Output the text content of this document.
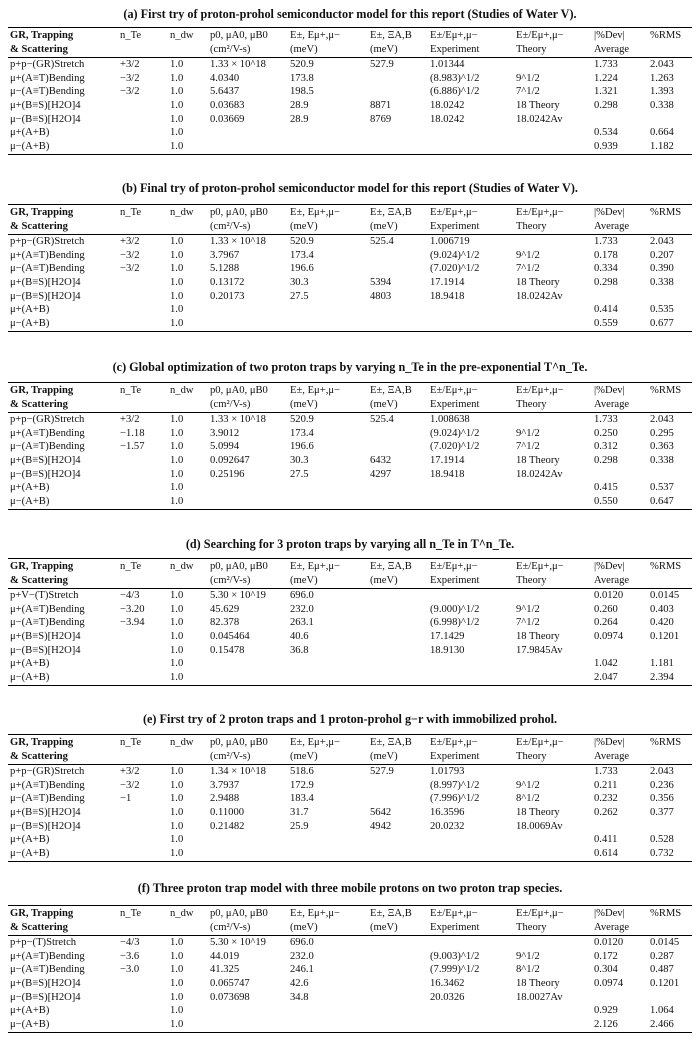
(a) First try of proton-prohol semiconductor model for this report (Studies of Water V).
GR, Trapping	n_Te	n_dw	p0, μA0, μB0	E±, Eμ+,μ−	E±, ΞA,B	E±/Eμ+,μ−	E±/Eμ+,μ−	|%Dev|	%RMS
& Scattering			(cm²/V-s)	(meV)	(meV)	Experiment	Theory	Average	
p+p−(GR)Stretch	+3/2	1.0	1.33 × 10^18	520.9	527.9	1.01344		1.733	2.043
μ+(A≡T)Bending	−3/2	1.0	4.0340	173.8		(8.983)^1/2	9^1/2	1.224	1.263
μ−(A≡T)Bending	−3/2	1.0	5.6437	198.5		(6.886)^1/2	7^1/2	1.321	1.393
μ+(B≡S)[H2O]4		1.0	0.03683	28.9	8871	18.0242	18 Theory	0.298	0.338
μ−(B≡S)[H2O]4		1.0	0.03669	28.9	8769	18.0242	18.0242Av		
μ+(A+B)		1.0						0.534	0.664
μ−(A+B)		1.0						0.939	1.182
(b) Final try of proton-prohol semiconductor model for this report (Studies of Water V).
GR, Trapping	n_Te	n_dw	p0, μA0, μB0	E±, Eμ+,μ−	E±, ΞA,B	E±/Eμ+,μ−	E±/Eμ+,μ−	|%Dev|	%RMS
& Scattering			(cm²/V-s)	(meV)	(meV)	Experiment	Theory	Average	
p+p−(GR)Stretch	+3/2	1.0	1.33 × 10^18	520.9	525.4	1.006719		1.733	2.043
μ+(A≡T)Bending	−3/2	1.0	3.7967	173.4		(9.024)^1/2	9^1/2	0.178	0.207
μ−(A≡T)Bending	−3/2	1.0	5.1288	196.6		(7.020)^1/2	7^1/2	0.334	0.390
μ+(B≡S)[H2O]4		1.0	0.13172	30.3	5394	17.1914	18 Theory	0.298	0.338
μ−(B≡S)[H2O]4		1.0	0.20173	27.5	4803	18.9418	18.0242Av		
μ+(A+B)		1.0						0.414	0.535
μ−(A+B)		1.0						0.559	0.677
(c) Global optimization of two proton traps by varying n_Te in the pre-exponential T^n_Te.
GR, Trapping	n_Te	n_dw	p0, μA0, μB0	E±, Eμ+,μ−	E±, ΞA,B	E±/Eμ+,μ−	E±/Eμ+,μ−	|%Dev|	%RMS
& Scattering			(cm²/V-s)	(meV)	(meV)	Experiment	Theory	Average	
p+p−(GR)Stretch	+3/2	1.0	1.33 × 10^18	520.9	525.4	1.008638		1.733	2.043
μ+(A≡T)Bending	−1.18	1.0	3.9012	173.4		(9.024)^1/2	9^1/2	0.250	0.295
μ−(A≡T)Bending	−1.57	1.0	5.0994	196.6		(7.020)^1/2	7^1/2	0.312	0.363
μ+(B≡S)[H2O]4		1.0	0.092647	30.3	6432	17.1914	18 Theory	0.298	0.338
μ−(B≡S)[H2O]4		1.0	0.25196	27.5	4297	18.9418	18.0242Av		
μ+(A+B)		1.0						0.415	0.537
μ−(A+B)		1.0						0.550	0.647
(d) Searching for 3 proton traps by varying all n_Te in T^n_Te.
GR, Trapping	n_Te	n_dw	p0, μA0, μB0	E±, Eμ+,μ−	E±, ΞA,B	E±/Eμ+,μ−	E±/Eμ+,μ−	|%Dev|	%RMS
& Scattering			(cm²/V-s)	(meV)	(meV)	Experiment	Theory	Average	
p+V−(T)Stretch	−4/3	1.0	5.30 × 10^19	696.0				0.0120	0.0145
μ+(A≡T)Bending	−3.20	1.0	45.629	232.0		(9.000)^1/2	9^1/2	0.260	0.403
μ−(A≡T)Bending	−3.94	1.0	82.378	263.1		(6.998)^1/2	7^1/2	0.264	0.420
μ+(B≡S)[H2O]4		1.0	0.045464	40.6		17.1429	18 Theory	0.0974	0.1201
μ−(B≡S)[H2O]4		1.0	0.15478	36.8		18.9130	17.9845Av		
μ+(A+B)		1.0						1.042	1.181
μ−(A+B)		1.0						2.047	2.394
(e) First try of 2 proton traps and 1 proton-prohol g−r with immobilized prohol.
GR, Trapping	n_Te	n_dw	p0, μA0, μB0	E±, Eμ+,μ−	E±, ΞA,B	E±/Eμ+,μ−	E±/Eμ+,μ−	|%Dev|	%RMS
& Scattering			(cm²/V-s)	(meV)	(meV)	Experiment	Theory	Average	
p+p−(GR)Stretch	+3/2	1.0	1.34 × 10^18	518.6	527.9	1.01793		1.733	2.043
μ+(A≡T)Bending	−3/2	1.0	3.7937	172.9		(8.997)^1/2	9^1/2	0.211	0.236
μ−(A≡T)Bending	−1	1.0	2.9488	183.4		(7.996)^1/2	8^1/2	0.232	0.356
μ+(B≡S)[H2O]4		1.0	0.11000	31.7	5642	16.3596	18 Theory	0.262	0.377
μ−(B≡S)[H2O]4		1.0	0.21482	25.9	4942	20.0232	18.0069Av		
μ+(A+B)		1.0						0.411	0.528
μ−(A+B)		1.0						0.614	0.732
(f) Three proton trap model with three mobile protons on two proton trap species.
GR, Trapping	n_Te	n_dw	p0, μA0, μB0	E±, Eμ+,μ−	E±, ΞA,B	E±/Eμ+,μ−	E±/Eμ+,μ−	|%Dev|	%RMS
& Scattering			(cm²/V-s)	(meV)	(meV)	Experiment	Theory	Average	
p+p−(T)Stretch	−4/3	1.0	5.30 × 10^19	696.0				0.0120	0.0145
μ+(A≡T)Bending	−3.6	1.0	44.019	232.0		(9.003)^1/2	9^1/2	0.172	0.287
μ−(A≡T)Bending	−3.0	1.0	41.325	246.1		(7.999)^1/2	8^1/2	0.304	0.487
μ+(B≡S)[H2O]4		1.0	0.065747	42.6		16.3462	18 Theory	0.0974	0.1201
μ−(B≡S)[H2O]4		1.0	0.073698	34.8		20.0326	18.0027Av		
μ+(A+B)		1.0						0.929	1.064
μ−(A+B)		1.0						2.126	2.466
